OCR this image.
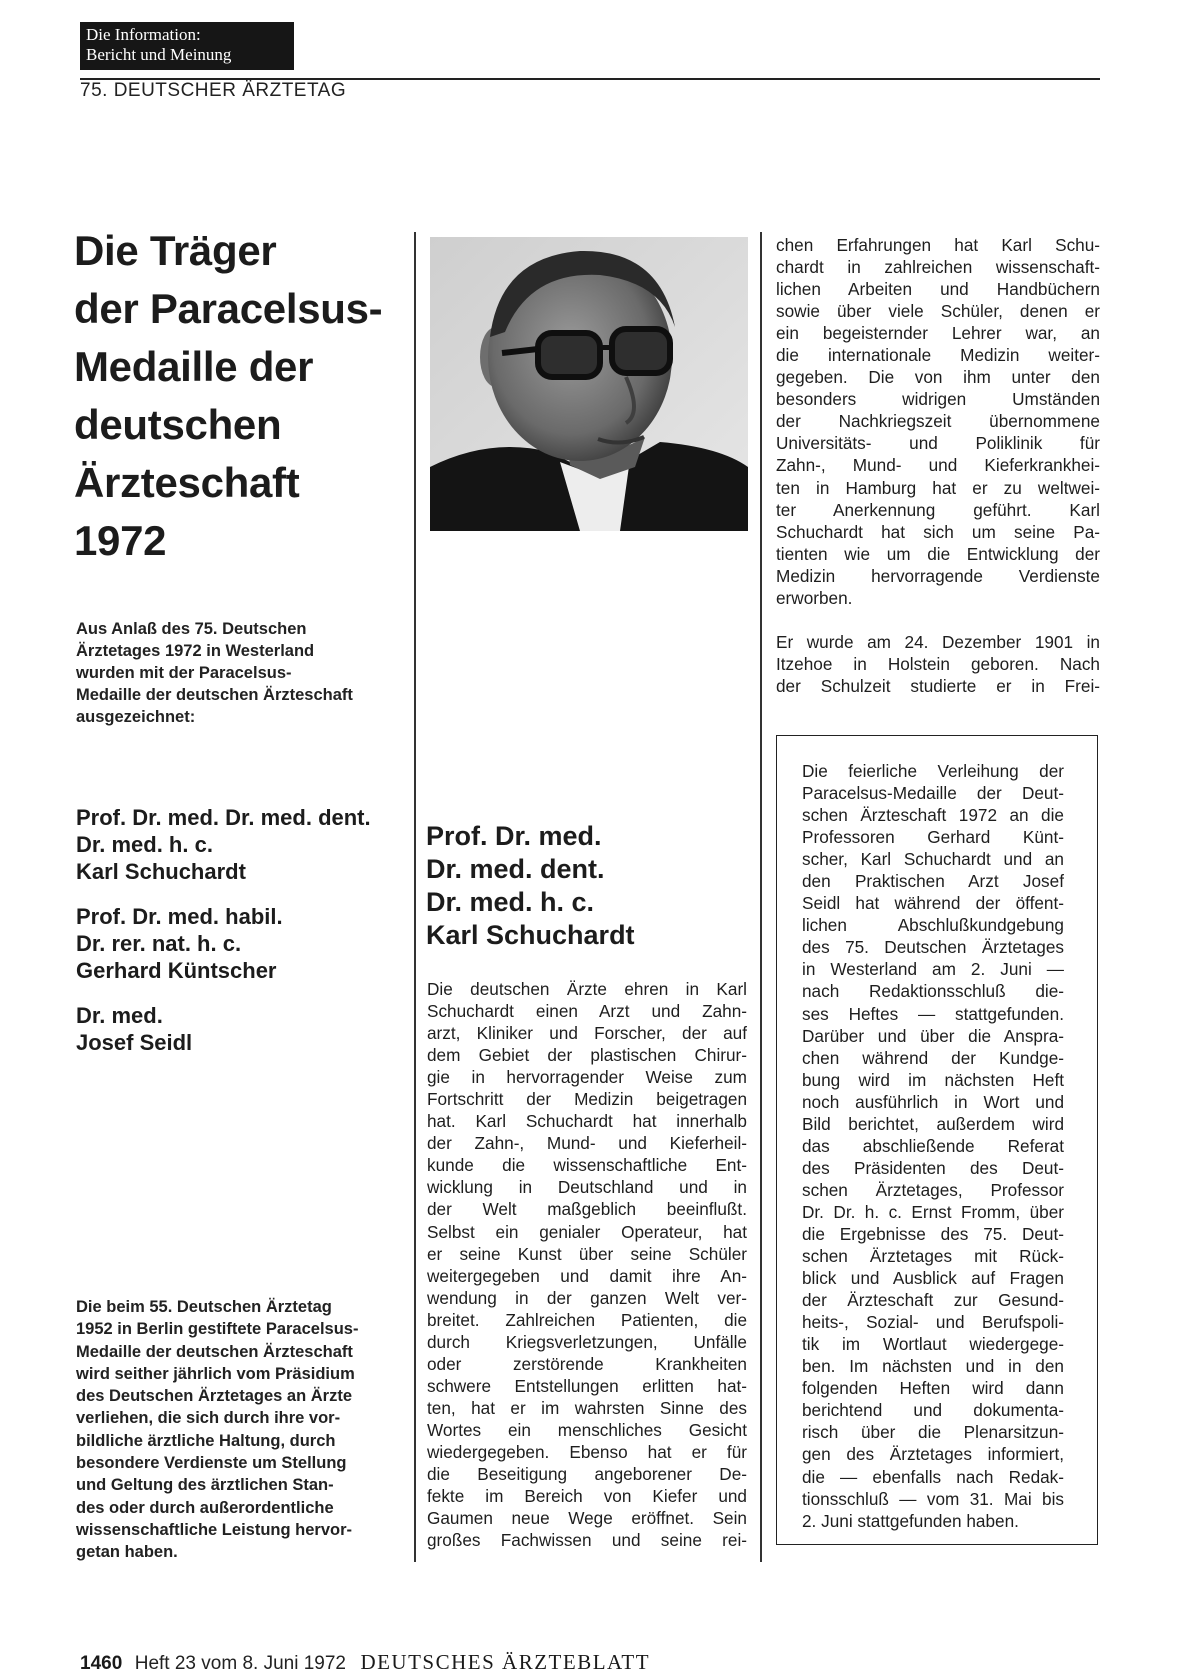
Die Information:
Bericht und Meinung
75. DEUTSCHER ÄRZTETAG
Die Träger
der Paracelsus-
Medaille der
deutschen
Ärzteschaft
1972
Aus Anlaß des 75. Deutschen
Ärztetages 1972 in Westerland
wurden mit der Paracelsus-
Medaille der deutschen Ärzteschaft
ausgezeichnet:
Prof. Dr. med. Dr. med. dent.
Dr. med. h. c.
Karl Schuchardt
Prof. Dr. med. habil.
Dr. rer. nat. h. c.
Gerhard Küntscher
Dr. med.
Josef Seidl
Die beim 55. Deutschen Ärztetag
1952 in Berlin gestiftete Paracelsus-
Medaille der deutschen Ärzteschaft
wird seither jährlich vom Präsidium
des Deutschen Ärztetages an Ärzte
verliehen, die sich durch ihre vor-
bildliche ärztliche Haltung, durch
besondere Verdienste um Stellung
und Geltung des ärztlichen Stan-
des oder durch außerordentliche
wissenschaftliche Leistung hervor-
getan haben.
Prof. Dr. med.
Dr. med. dent.
Dr. med. h. c.
Karl Schuchardt
Die deutschen Ärzte ehren in Karl
Schuchardt einen Arzt und Zahn-
arzt, Kliniker und Forscher, der auf
dem Gebiet der plastischen Chirur-
gie in hervorragender Weise zum
Fortschritt der Medizin beigetragen
hat. Karl Schuchardt hat innerhalb
der Zahn-, Mund- und Kieferheil-
kunde die wissenschaftliche Ent-
wicklung in Deutschland und in
der Welt maßgeblich beeinflußt.
Selbst ein genialer Operateur, hat
er seine Kunst über seine Schüler
weitergegeben und damit ihre An-
wendung in der ganzen Welt ver-
breitet. Zahlreichen Patienten, die
durch Kriegsverletzungen, Unfälle
oder zerstörende Krankheiten
schwere Entstellungen erlitten hat-
ten, hat er im wahrsten Sinne des
Wortes ein menschliches Gesicht
wiedergegeben. Ebenso hat er für
die Beseitigung angeborener De-
fekte im Bereich von Kiefer und
Gaumen neue Wege eröffnet. Sein
großes Fachwissen und seine rei-
chen Erfahrungen hat Karl Schu-
chardt in zahlreichen wissenschaft-
lichen Arbeiten und Handbüchern
sowie über viele Schüler, denen er
ein begeisternder Lehrer war, an
die internationale Medizin weiter-
gegeben. Die von ihm unter den
besonders widrigen Umständen
der Nachkriegszeit übernommene
Universitäts- und Poliklinik für
Zahn-, Mund- und Kieferkrankhei-
ten in Hamburg hat er zu weltwei-
ter Anerkennung geführt. Karl
Schuchardt hat sich um seine Pa-
tienten wie um die Entwicklung der
Medizin hervorragende Verdienste
erworben.
Er wurde am 24. Dezember 1901 in
Itzehoe in Holstein geboren. Nach
der Schulzeit studierte er in Frei-
Die feierliche Verleihung der
Paracelsus-Medaille der Deut-
schen Ärzteschaft 1972 an die
Professoren Gerhard Künt-
scher, Karl Schuchardt und an
den Praktischen Arzt Josef
Seidl hat während der öffent-
lichen Abschlußkundgebung
des 75. Deutschen Ärztetages
in Westerland am 2. Juni —
nach Redaktionsschluß die-
ses Heftes — stattgefunden.
Darüber und über die Anspra-
chen während der Kundge-
bung wird im nächsten Heft
noch ausführlich in Wort und
Bild berichtet, außerdem wird
das abschließende Referat
des Präsidenten des Deut-
schen Ärztetages, Professor
Dr. Dr. h. c. Ernst Fromm, über
die Ergebnisse des 75. Deut-
schen Ärztetages mit Rück-
blick und Ausblick auf Fragen
der Ärzteschaft zur Gesund-
heits-, Sozial- und Berufspoli-
tik im Wortlaut wiedergege-
ben. Im nächsten und in den
folgenden Heften wird dann
berichtend und dokumenta-
risch über die Plenarsitzun-
gen des Ärztetages informiert,
die — ebenfalls nach Redak-
tionsschluß — vom 31. Mai bis
2. Juni stattgefunden haben.
1460 Heft 23 vom 8. Juni 1972 DEUTSCHES ÄRZTEBLATT
